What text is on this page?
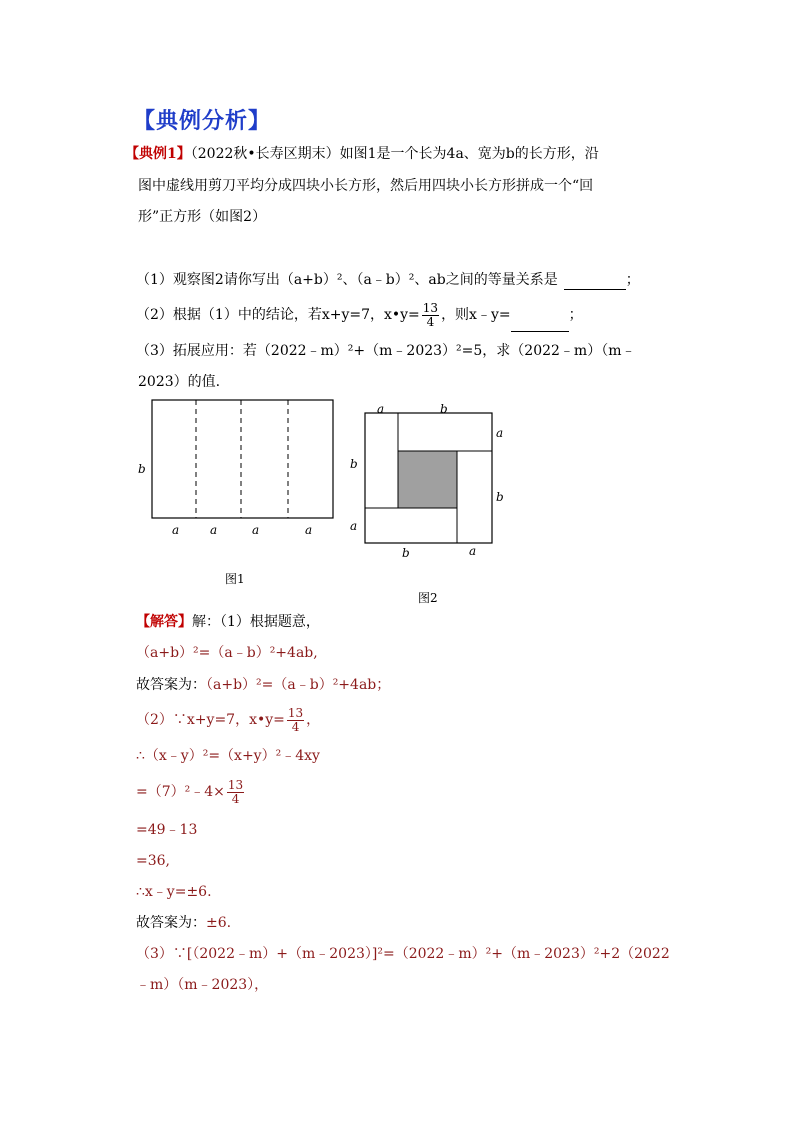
【典例分析】
【典例1】（2022秋•长寿区期末）如图1是一个长为4a、宽为b的长方形，沿
图中虚线用剪刀平均分成四块小长方形，然后用四块小长方形拼成一个“回
形”正方形（如图2）
（1）观察图2请你写出（a+b）²、（a﹣b）²、ab之间的等量关系是	；
（2）根据（1）中的结论，若x+y=7，x•y= $\frac{13}{4}$ ，则x﹣y=	；
（3）拓展应用：若（2022﹣m）²+（m﹣2023）²=5，求（2022﹣m）（m﹣
2023）的值.
b
a	a	a	a
图1
a	b
b
a
a
b
b	a
图2
【解答】解：（1）根据题意，
（a+b）²=（a﹣b）²+4ab,
故答案为：（a+b）²=（a﹣b）²+4ab；
（2）∵x+y=7，x•y= $\frac{13}{4}$ ，
∴（x﹣y）²=（x+y）²﹣4xy
=（7）²﹣4× $\frac{13}{4}$
=49﹣13
=36,
∴x﹣y=±6.
故答案为：±6.
（3）∵[（2022﹣m）+（m﹣2023）]²=（2022﹣m）²+（m﹣2023）²+2（2022
﹣m）（m﹣2023），
